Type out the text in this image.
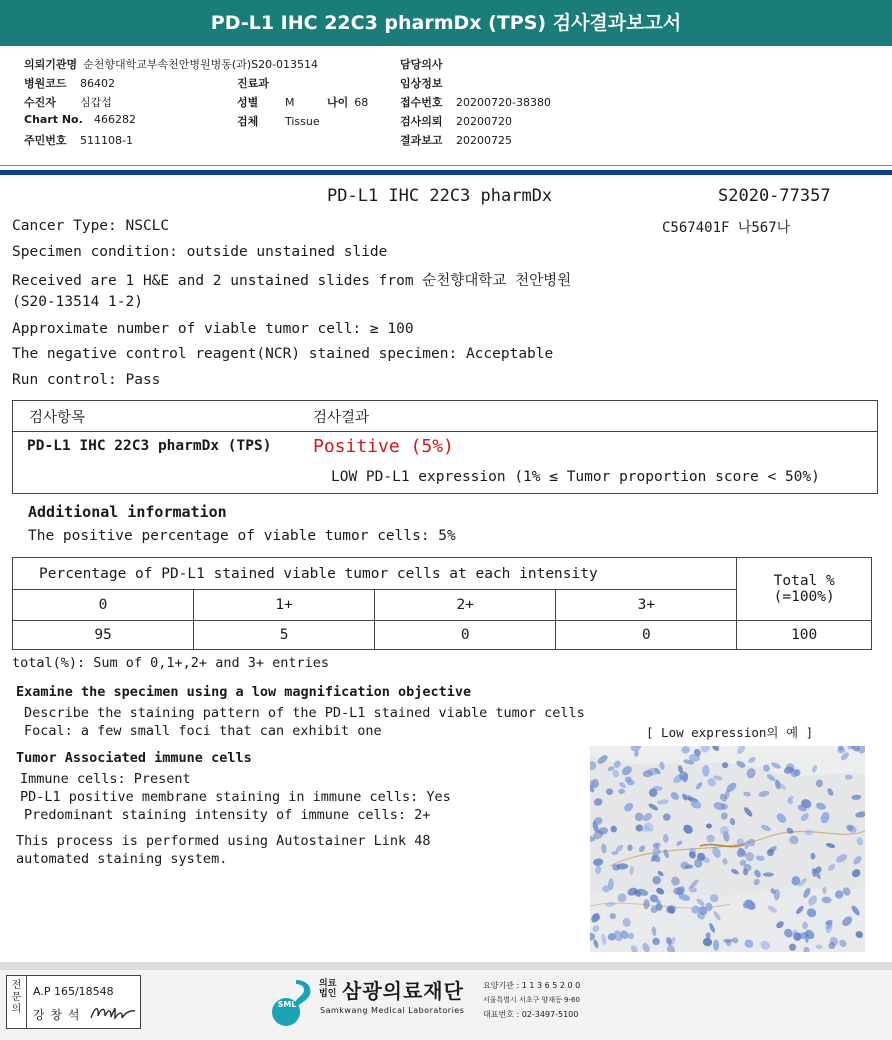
PD-L1 IHC 22C3 pharmDx (TPS) 검사결과보고서
의뢰기관명 순천향대학교부속천안병원병동(과)S20-013514
병원코드 86402
수진자 심갑섭
Chart No. 466282
주민번호 511108-1
진료과
성별 M	나이 68
검체 Tissue
담당의사
임상정보
접수번호 20200720-38380
검사의뢰 20200720
결과보고 20200725
PD-L1 IHC 22C3 pharmDx	S2020-77357
C567401F 나567나
Cancer Type: NSCLC
Specimen condition: outside unstained slide
Received are 1 H&E and 2 unstained slides from 순천향대학교 천안병원
(S20-13514 1-2)
Approximate number of viable tumor cell: ≥ 100
The negative control reagent(NCR) stained specimen: Acceptable
Run control: Pass
검사항목	검사결과
PD-L1 IHC 22C3 pharmDx (TPS) Positive (5%)
LOW PD-L1 expression (1% ≤ Tumor proportion score < 50%)
Additional information
The positive percentage of viable tumor cells: 5%
Percentage of PD-L1 stained viable tumor cells at each intensity				Total %
(=100%)

0	1+	2+	3+	
95	5	0	0	100
total(%): Sum of 0,1+,2+ and 3+ entries
Examine the specimen using a low magnification objective
Describe the staining pattern of the PD-L1 stained viable tumor cells
Focal: a few small foci that can exhibit one
Tumor Associated immune cells
Immune cells: Present
PD-L1 positive membrane staining in immune cells: Yes
Predominant staining intensity of immune cells: 2+
This process is performed using Autostainer Link 48
automated staining system.
[ Low expression의 예 ]
전문의
A.P 165/18548
강 창 석
SML
의료
법인 삼광의료재단
Samkwang Medical Laboratories
요양기관 : 1 1 3 6 5 2 0 0
서울특별시 서초구 양재동 9-60
대표번호 : 02-3497-5100
